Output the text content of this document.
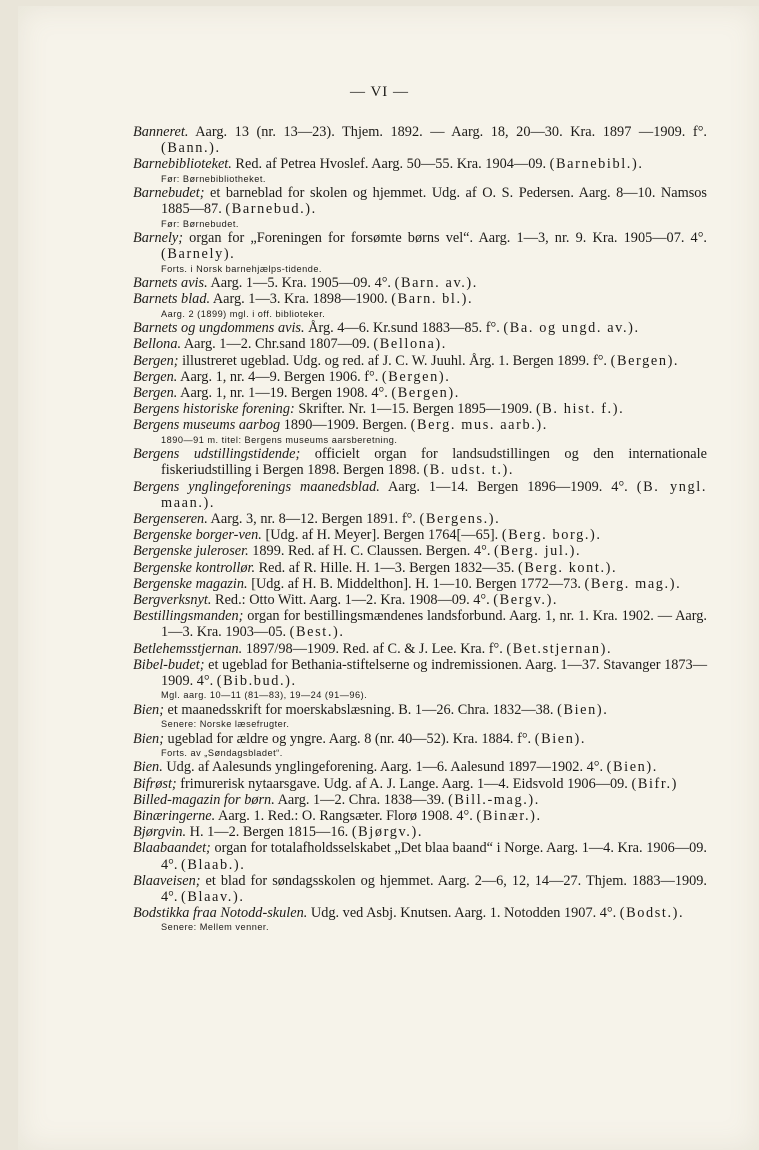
— VI —

Banneret. Aarg. 13 (nr. 13—23). Thjem. 1892. — Aarg. 18, 20—30. Kra. 1897 —1909. f°. (Bann.).

Barnebiblioteket. Red. af Petrea Hvoslef. Aarg. 50—55. Kra. 1904—09. (Barnebibl.).

Før: Børnebibliotheket.

Barnebudet; et barneblad for skolen og hjemmet. Udg. af O. S. Pedersen. Aarg. 8—10. Namsos 1885—87. (Barnebud.).

Før: Børnebudet.

Barnely; organ for „Foreningen for forsømte børns vel“. Aarg. 1—3, nr. 9. Kra. 1905—07. 4°. (Barnely).

Forts. i Norsk barnehjælps-tidende.

Barnets avis. Aarg. 1—5. Kra. 1905—09. 4°. (Barn. av.).

Barnets blad. Aarg. 1—3. Kra. 1898—1900. (Barn. bl.).

Aarg. 2 (1899) mgl. i off. biblioteker.

Barnets og ungdommens avis. Årg. 4—6. Kr.sund 1883—85. f°. (Ba. og ungd. av.).

Bellona. Aarg. 1—2. Chr.sand 1807—09. (Bellona).

Bergen; illustreret ugeblad. Udg. og red. af J. C. W. Juuhl. Årg. 1. Bergen 1899. f°. (Bergen).

Bergen. Aarg. 1, nr. 4—9. Bergen 1906. f°. (Bergen).

Bergen. Aarg. 1, nr. 1—19. Bergen 1908. 4°. (Bergen).

Bergens historiske forening: Skrifter. Nr. 1—15. Bergen 1895—1909. (B. hist. f.).

Bergens museums aarbog 1890—1909. Bergen. (Berg. mus. aarb.).

1890—91 m. titel: Bergens museums aarsberetning.

Bergens udstillingstidende; officielt organ for landsudstillingen og den internationale fiskeriudstilling i Bergen 1898. Bergen 1898. (B. udst. t.).

Bergens ynglingeforenings maanedsblad. Aarg. 1—14. Bergen 1896—1909. 4°. (B. yngl. maan.).

Bergenseren. Aarg. 3, nr. 8—12. Bergen 1891. f°. (Bergens.).

Bergenske borger-ven. [Udg. af H. Meyer]. Bergen 1764[—65]. (Berg. borg.).

Bergenske juleroser. 1899. Red. af H. C. Claussen. Bergen. 4°. (Berg. jul.).

Bergenske kontrollør. Red. af R. Hille. H. 1—3. Bergen 1832—35. (Berg. kont.).

Bergenske magazin. [Udg. af H. B. Middelthon]. H. 1—10. Bergen 1772—73. (Berg. mag.).

Bergverksnyt. Red.: Otto Witt. Aarg. 1—2. Kra. 1908—09. 4°. (Bergv.).

Bestillingsmanden; organ for bestillingsmændenes landsforbund. Aarg. 1, nr. 1. Kra. 1902. — Aarg. 1—3. Kra. 1903—05. (Best.).

Betlehemsstjernan. 1897/98—1909. Red. af C. & J. Lee. Kra. f°. (Bet.stjernan).

Bibel-budet; et ugeblad for Bethania-stiftelserne og indremissionen. Aarg. 1—37. Stavanger 1873—1909. 4°. (Bib.bud.).

Mgl. aarg. 10—11 (81—83), 19—24 (91—96).

Bien; et maanedsskrift for moerskabslæsning. B. 1—26. Chra. 1832—38. (Bien).

Senere: Norske læsefrugter.

Bien; ugeblad for ældre og yngre. Aarg. 8 (nr. 40—52). Kra. 1884. f°. (Bien).

Forts. av „Søndagsbladet“.

Bien. Udg. af Aalesunds ynglingeforening. Aarg. 1—6. Aalesund 1897—1902. 4°. (Bien).

Bifrøst; frimurerisk nytaarsgave. Udg. af A. J. Lange. Aarg. 1—4. Eidsvold 1906—09. (Bifr.)

Billed-magazin for børn. Aarg. 1—2. Chra. 1838—39. (Bill.-mag.).

Binæringerne. Aarg. 1. Red.: O. Rangsæter. Florø 1908. 4°. (Binær.).

Bjørgvin. H. 1—2. Bergen 1815—16. (Bjørgv.).

Blaabaandet; organ for totalafholdsselskabet „Det blaa baand“ i Norge. Aarg. 1—4. Kra. 1906—09. 4°. (Blaab.).

Blaaveisen; et blad for søndagsskolen og hjemmet. Aarg. 2—6, 12, 14—27. Thjem. 1883—1909. 4°. (Blaav.).

Bodstikka fraa Notodd-skulen. Udg. ved Asbj. Knutsen. Aarg. 1. Notodden 1907. 4°. (Bodst.).

Senere: Mellem venner.
